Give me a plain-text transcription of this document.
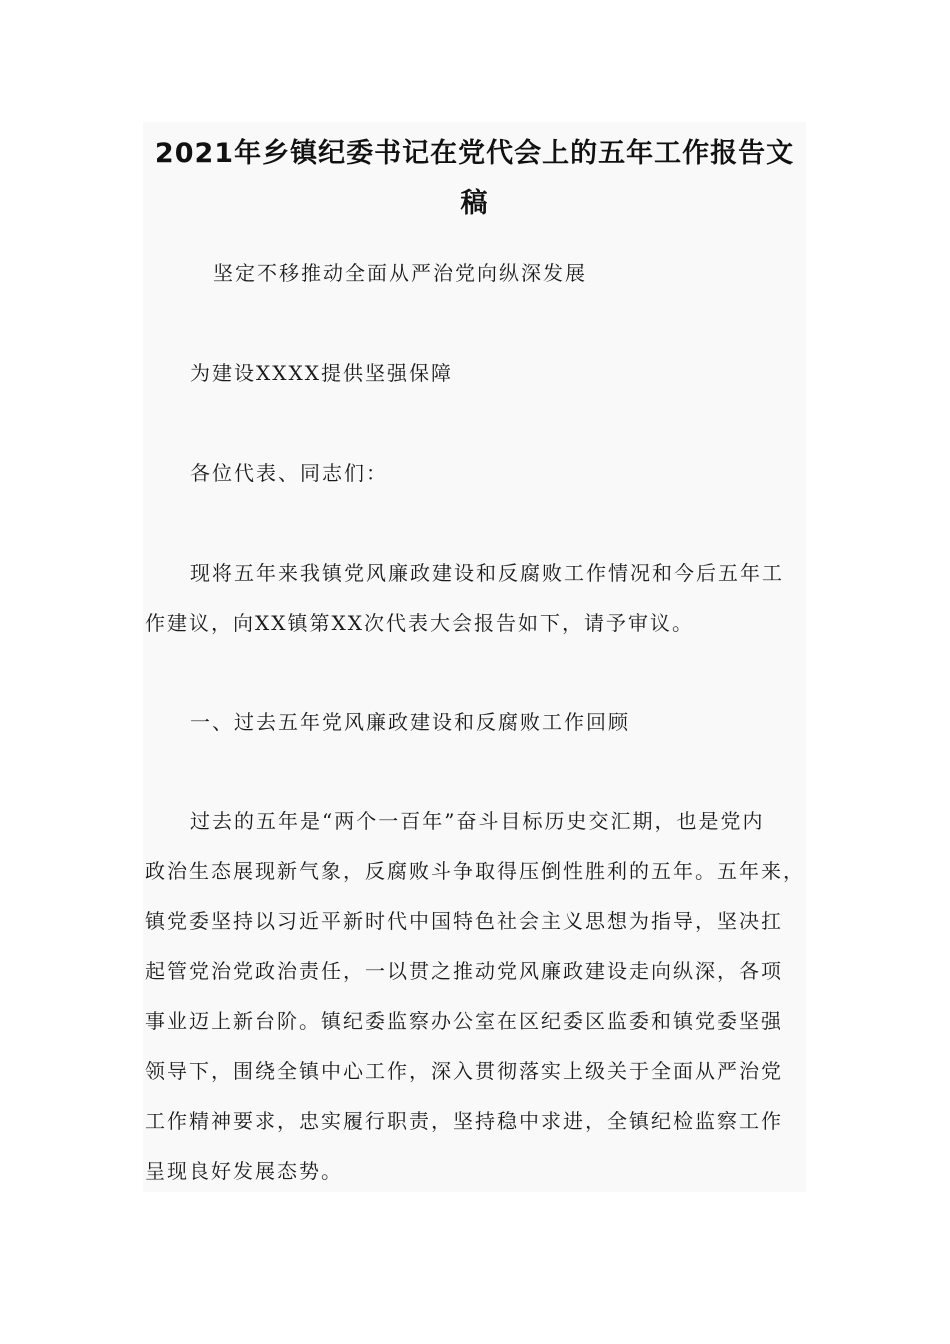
2021年乡镇纪委书记在党代会上的五年工作报告文
稿
坚定不移推动全面从严治党向纵深发展
为建设XXXX提供坚强保障
各位代表、同志们：
现将五年来我镇党风廉政建设和反腐败工作情况和今后五年工
作建议，向XX镇第XX次代表大会报告如下，请予审议。
一、过去五年党风廉政建设和反腐败工作回顾
过去的五年是“两个一百年”奋斗目标历史交汇期，也是党内
政治生态展现新气象，反腐败斗争取得压倒性胜利的五年。五年来，
镇党委坚持以习近平新时代中国特色社会主义思想为指导，坚决扛
起管党治党政治责任，一以贯之推动党风廉政建设走向纵深，各项
事业迈上新台阶。镇纪委监察办公室在区纪委区监委和镇党委坚强
领导下，围绕全镇中心工作，深入贯彻落实上级关于全面从严治党
工作精神要求，忠实履行职责，坚持稳中求进，全镇纪检监察工作
呈现良好发展态势。
